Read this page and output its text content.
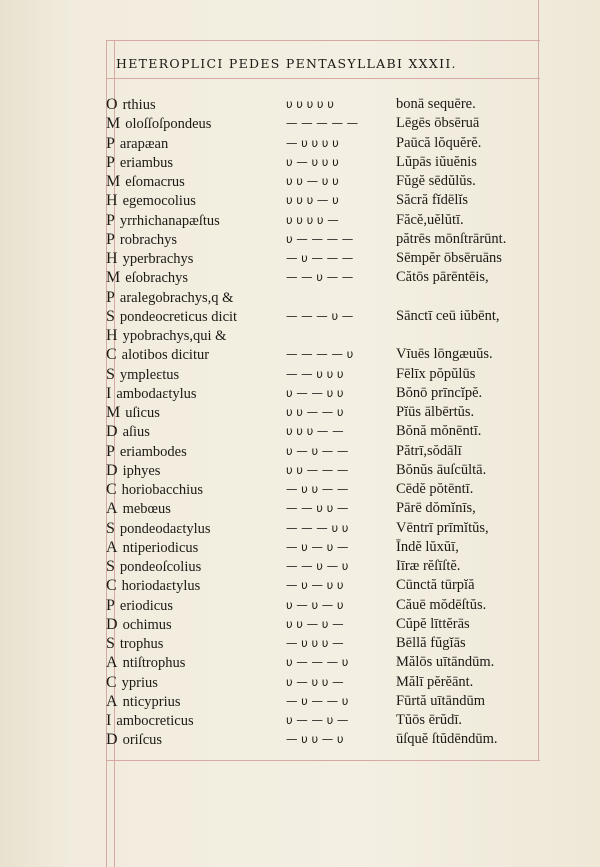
HETEROPLICI PEDES PENTASYLLABI XXXII.
O rthius	υ υ υ υ υ	bonā sequēre.
M oloſſoſpondeus	— — — — —	Lēgēs ōbsēruā
P arapæan	— υ υ υ υ	Paūcă lŏquĕrĕ.
P eriambus	υ — υ υ υ	Lŭpās iŭuĕnis
M eſomacrus	υ υ — υ υ	Fŭgĕ sēdŭlŭs.
H egemocolius	υ υ υ — υ	Săcră fĭdēlĭs
P yrrhichanapæſtus	υ υ υ υ —	Făcĕ,uĕlŭtī.
P robrachys	υ — — — —	pătrēs mōnſtrārūnt.
H yperbrachys	— υ — — —	Sēmpĕr ōbsēruāns
M eſobrachys	— — υ — —	Cătōs pārēntēis,
P aralegobrachys,q &
S pondeocreticus dicit	— — — υ —	Sānctī ceū iŭbēnt,
H ypobrachys,qui &
C alotibos dicitur	— — — — υ	Vīuēs lōngæuŭs.
S ympleɛtus	— — υ υ υ	Fēlīx pŏpŭlūs
I ambodaɛtylus	υ — — υ υ	Bŏnō prīncĭpĕ.
M uſicus	υ υ — — υ	Pĭūs ālbērtŭs.
D aſius	υ υ υ — —	Bŏnă mŏnēntī.
P eriambodes	υ — υ — —	Pătrī,sŏdālī
D iphyes	υ υ — — —	Bŏnŭs āuſcūltā.
C horiobacchius	— υ υ — —	Cēdĕ pŏtēntī.
A mebœus	— — υ υ —	Pārē dŏmĭnīs,
S pondeodaɛtylus	— — — υ υ	Vēntrī prīmĭtŭs,
A ntiperiodicus	— υ — υ —	Īndĕ lŭxŭī,
S pondeoſcolius	— — υ — υ	Iīræ rĕſīſtĕ.
C horiodaɛtylus	— υ — υ υ	Cūnctă tūrpĭă
P eriodicus	υ — υ — υ	Căuē mŏdēſtŭs.
D ochimus	υ υ — υ —	Cŭpĕ līttĕrās
S trophus	— υ υ υ —	Bēllă fŭgĭās
A ntiſtrophus	υ — — — υ	Mălōs uītāndūm.
C yprius	υ — υ υ —	Mălī pĕrĕānt.
A nticyprius	— υ — — υ	Fūrtă uītāndūm
I ambocreticus	υ — — υ —	Tŭōs ērŭdī.
D oriſcus	— υ υ — υ	ūſquĕ ſtŭdēndūm.
